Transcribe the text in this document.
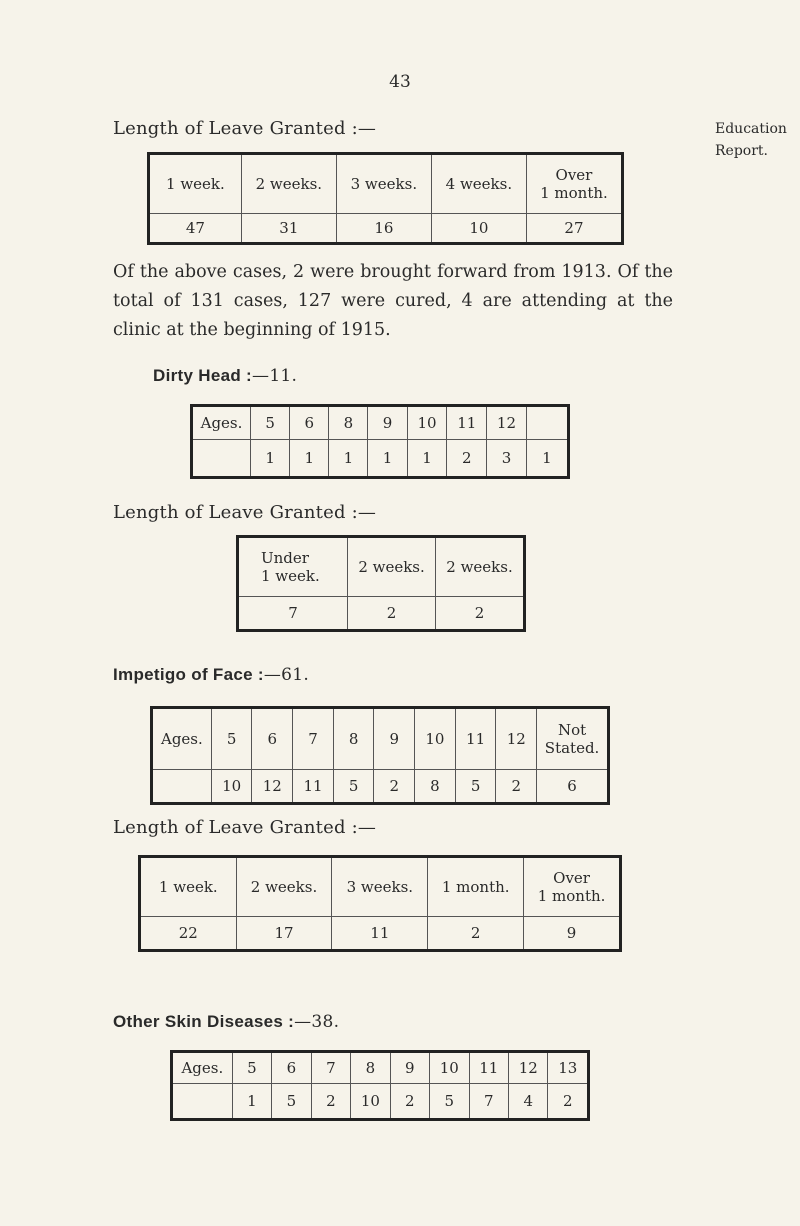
43
Education Report.
Length of Leave Granted :—
1 week.	2 weeks.	3 weeks.	4 weeks.	Over
1 month.
47	31	16	10	27
Of the above cases, 2 were brought forward from 1913. Of the total of 131 cases, 127 were cured, 4 are attending at the clinic at the beginning of 1915.
Dirty Head :—11.
Ages.	5	6	8	9	10	11	12	
	1	1	1	1	1	2	3	1
Length of Leave Granted :—
Under
1 week.	2 weeks.	2 weeks.
7	2	2
Impetigo of Face :—61.
Ages.	5	6	7	8	9	10	11	12	Not
Stated.
	10	12	11	5	2	8	5	2	6
Length of Leave Granted :—
1 week.	2 weeks.	3 weeks.	1 month.	Over
1 month.
22	17	11	2	9
Other Skin Diseases :—38.
Ages.	5	6	7	8	9	10	11	12	13
	1	5	2	10	2	5	7	4	2
